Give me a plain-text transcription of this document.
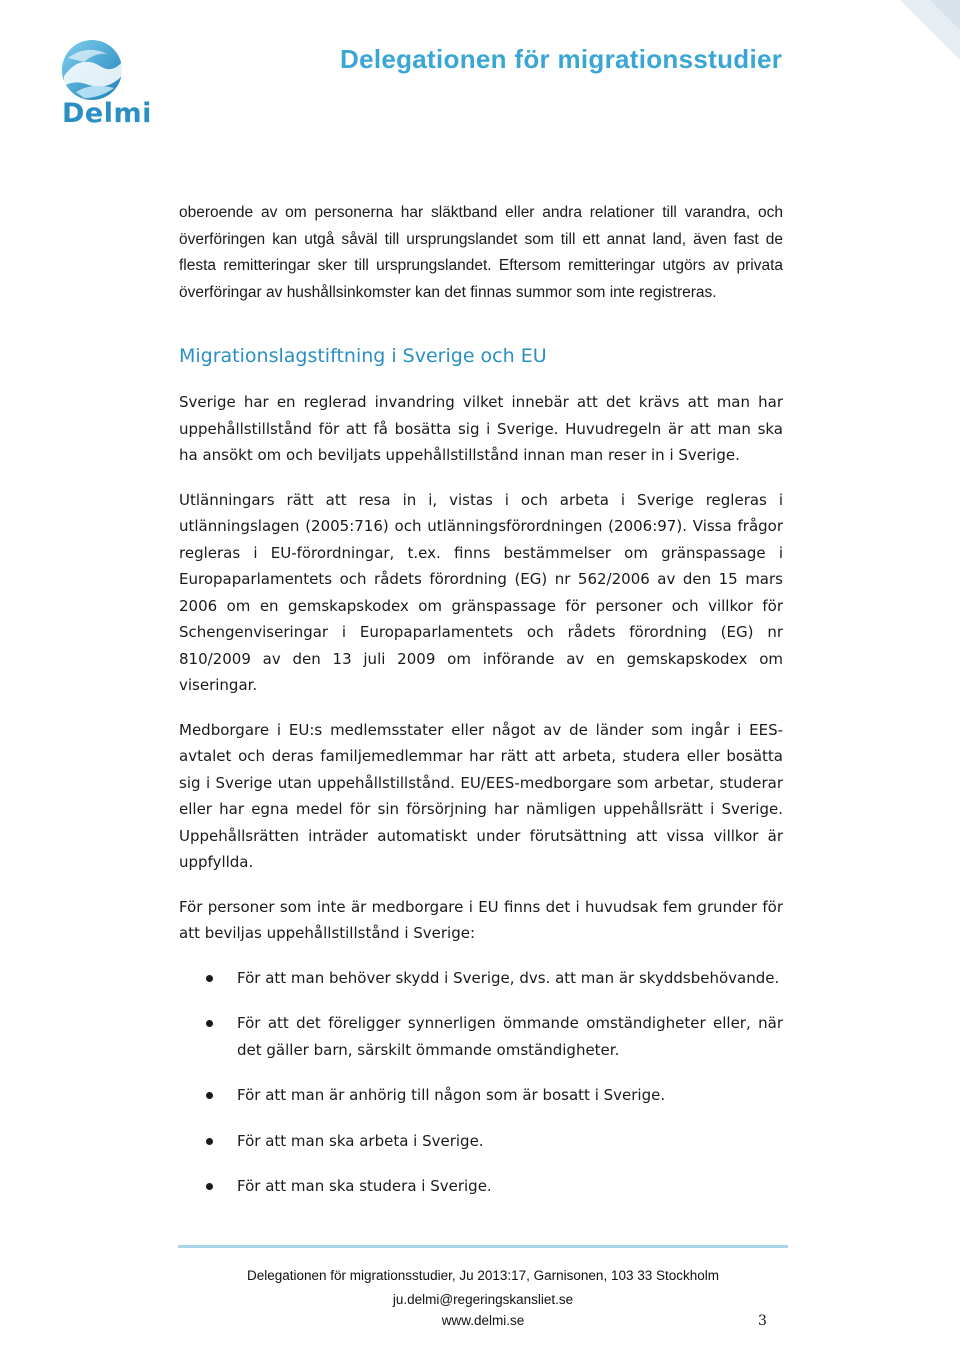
Delmi
Delegationen för migrationsstudier

oberoende av om personerna har släktband eller andra relationer till varandra, och överföringen kan utgå såväl till ursprungslandet som till ett annat land, även fast de flesta remitteringar sker till ursprungslandet. Eftersom remitteringar utgörs av privata överföringar av hushållsinkomster kan det finnas summor som inte registreras.

Migrationslagstiftning i Sverige och EU

Sverige har en reglerad invandring vilket innebär att det krävs att man har uppehållstillstånd för att få bosätta sig i Sverige. Huvudregeln är att man ska ha ansökt om och beviljats uppehållstillstånd innan man reser in i Sverige.

Utlänningars rätt att resa in i, vistas i och arbeta i Sverige regleras i utlänningslagen (2005:716) och utlänningsförordningen (2006:97). Vissa frågor regleras i EU-förordningar, t.ex. finns bestämmelser om gränspassage i Europaparlamentets och rådets förordning (EG) nr 562/2006 av den 15 mars 2006 om en gemskapskodex om gränspassage för personer och villkor för Schengenviseringar i Europaparlamentets och rådets förordning (EG) nr 810/2009 av den 13 juli 2009 om införande av en gemskapskodex om viseringar.

Medborgare i EU:s medlemsstater eller något av de länder som ingår i EES-avtalet och deras familjemedlemmar har rätt att arbeta, studera eller bosätta sig i Sverige utan uppehållstillstånd. EU/EES-medborgare som arbetar, studerar eller har egna medel för sin försörjning har nämligen uppehållsrätt i Sverige. Uppehållsrätten inträder automatiskt under förutsättning att vissa villkor är uppfyllda.

För personer som inte är medborgare i EU finns det i huvudsak fem grunder för att beviljas uppehållstillstånd i Sverige:

För att man behöver skydd i Sverige, dvs. att man är skyddsbehövande.
För att det föreligger synnerligen ömmande omständigheter eller, när det gäller barn, särskilt ömmande omständigheter.
För att man är anhörig till någon som är bosatt i Sverige.
För att man ska arbeta i Sverige.
För att man ska studera i Sverige.
Delegationen för migrationsstudier, Ju 2013:17, Garnisonen, 103 33 Stockholm
ju.delmi@regeringskansliet.se
www.delmi.se	3
